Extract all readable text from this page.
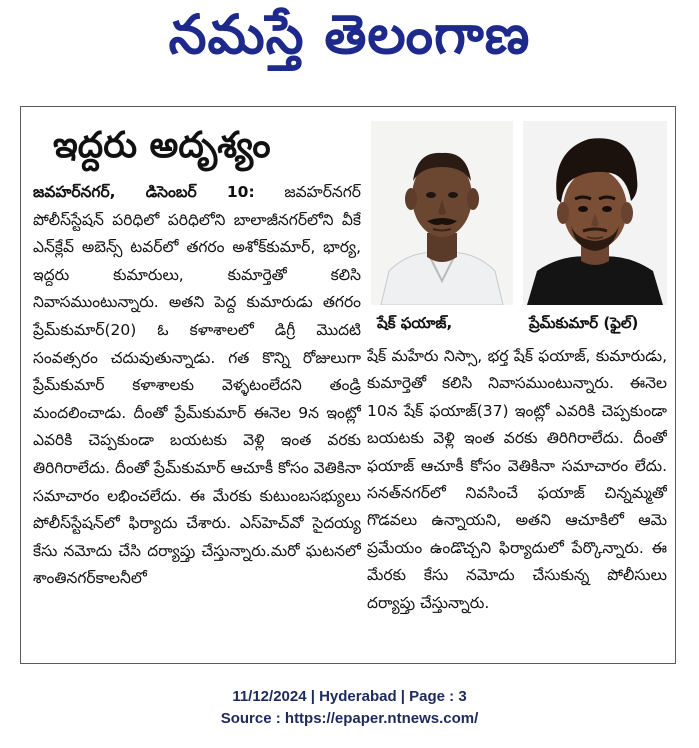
నమస్తే తెలంగాణ
ఇద్దరు అదృశ్యం
జవహర్‌నగర్, డిసెంబర్ 10: జవహర్‌నగర్ పోలీస్‌స్టేషన్ పరిధిలో పరిధిలోని బాలాజీనగర్‌లోని వీకే ఎన్‌క్లేవ్ అబెన్స్ టవర్‌లో తగరం అశోక్‌కుమార్, భార్య, ఇద్దరు కుమారులు, కుమార్తెతో కలిసి నివాసముంటున్నారు. అతని పెద్ద కుమారుడు తగరం ప్రేమ్‌కుమార్(20) ఓ కళాశాలలో డిగ్రీ మొదటి సంవత్సరం చదువుతున్నాడు. గత కొన్ని రోజులుగా ప్రేమ్‌కుమార్ కళాశాలకు వెళ్ళటంలేదని తండ్రి మందలించాడు. దీంతో ప్రేమ్‌కుమార్ ఈనెల 9న ఇంట్లో ఎవరికి చెప్పకుండా బయటకు వెళ్లి ఇంత వరకు తిరిగిరాలేదు. దీంతో ప్రేమ్‌కుమార్ ఆచూకీ కోసం వెతికినా సమాచారం లభించలేదు. ఈ మేరకు కుటుంబసభ్యులు పోలీస్‌స్టేషన్‌లో ఫిర్యాదు చేశారు. ఎస్‌హెచ్‌వో సైదయ్య కేసు నమోదు చేసి దర్యాప్తు చేస్తున్నారు.మరో ఘటనలో శాంతినగర్‌కాలనీలో
షేక్ ఫయాజ్,	ప్రేమ్‌కుమార్ (ఫైల్)
షేక్ మహేరు నిస్సా, భర్త షేక్ ఫయాజ్, కుమారుడు, కుమార్తెతో కలిసి నివాసముంటున్నారు. ఈనెల 10న షేక్ ఫయాజ్(37) ఇంట్లో ఎవరికి చెప్పకుండా బయటకు వెళ్లి ఇంత వరకు తిరిగిరాలేదు. దీంతో ఫయాజ్ ఆచూకీ కోసం వెతికినా సమాచారం లేదు. సనత్‌నగర్‌లో నివసించే ఫయాజ్ చిన్నమ్మతో గొడవలు ఉన్నాయని, అతని ఆచూకిలో ఆమె ప్రమేయం ఉండొచ్చని ఫిర్యాదులో పేర్కొన్నారు. ఈ మేరకు కేసు నమోదు చేసుకున్న పోలీసులు దర్యాప్తు చేస్తున్నారు.
11/12/2024 | Hyderabad | Page : 3
Source : https://epaper.ntnews.com/
